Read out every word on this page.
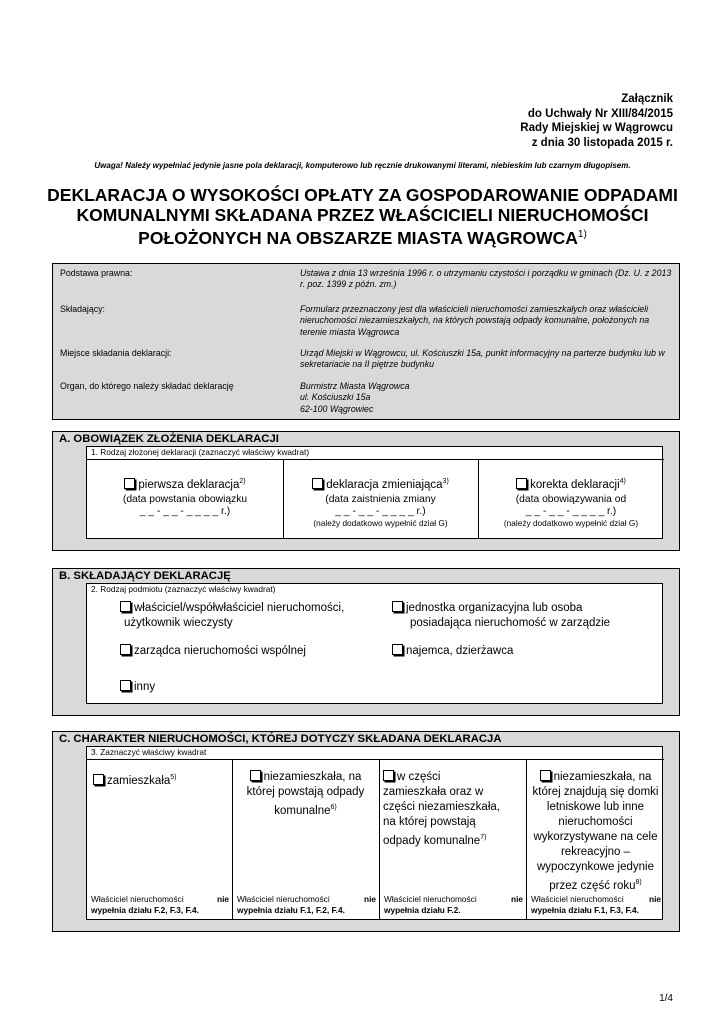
Załącznik
do Uchwały Nr XIII/84/2015
Rady Miejskiej w Wągrowcu
z dnia 30 listopada 2015 r.
Uwaga! Należy wypełniać jedynie jasne pola deklaracji, komputerowo lub ręcznie drukowanymi literami, niebieskim lub czarnym długopisem.
DEKLARACJA O WYSOKOŚCI OPŁATY ZA GOSPODAROWANIE ODPADAMI
KOMUNALNYMI SKŁADANA PRZEZ WŁAŚCICIELI NIERUCHOMOŚCI
POŁOŻONYCH NA OBSZARZE MIASTA WĄGROWCA$^{1)}$
Podstawa prawna:	Ustawa z dnia 13 września 1996 r. o utrzymaniu czystości i porządku w gminach (Dz. U. z 2013 r. poz. 1399 z późn. zm.)
Składający:	Formularz przeznaczony jest dla właścicieli nieruchomości zamieszkałych oraz właścicieli nieruchomości niezamieszkałych, na których powstają odpady komunalne, położonych na terenie miasta Wągrowca
Miejsce składania deklaracji:	Urząd Miejski w Wągrowcu, ul. Kościuszki 15a, punkt informacyjny na parterze budynku lub w sekretariacie na II piętrze budynku
Organ, do którego należy składać deklarację	Burmistrz Miasta Wągrowca
ul. Kościuszki 15a
62-100 Wągrowiec
A. OBOWIĄZEK ZŁOŻENIA DEKLARACJI
1. Rodzaj złożonej deklaracji (zaznaczyć właściwy kwadrat)
pierwsza deklaracja$^{2)}$
(data powstania obowiązku
_ _ - _ _ - _ _ _ _ r.)
deklaracja zmieniająca$^{3)}$
(data zaistnienia zmiany
_ _ - _ _ - _ _ _ _ r.)
(należy dodatkowo wypełnić dział G)
korekta deklaracji$^{4)}$
(data obowiązywania od
_ _ - _ _ - _ _ _ _ r.)
(należy dodatkowo wypełnić dział G)
B. SKŁADAJĄCY DEKLARACJĘ
2. Rodzaj podmiotu (zaznaczyć właściwy kwadrat)
właściciel/współwłaściciel nieruchomości,
użytkownik wieczysty
jednostka organizacyjna lub osoba
posiadająca nieruchomość w zarządzie
zarządca nieruchomości wspólnej	najemca, dzierżawca
inny
C. CHARAKTER NIERUCHOMOŚCI, KTÓREJ DOTYCZY SKŁADANA DEKLARACJA
3. Zaznaczyć właściwy kwadrat
zamieszkała$^{5)}$
Właściciel nieruchomości	nie
wypełnia działu F.2, F.3, F.4.
niezamieszkała, na
której powstają odpady
komunalne$^{6)}$
Właściciel nieruchomości	nie
wypełnia działu F.1, F.2, F.4.
w części
zamieszkała oraz w
części niezamieszkała,
na której powstają
odpady komunalne$^{7)}$
Właściciel nieruchomości	nie
wypełnia działu F.2.
niezamieszkała, na
której znajdują się domki
letniskowe lub inne
nieruchomości
wykorzystywane na cele
rekreacyjno –
wypoczynkowe jedynie
przez część roku$^{8)}$
Właściciel nieruchomości	nie
wypełnia działu F.1, F.3, F.4.
1/4
